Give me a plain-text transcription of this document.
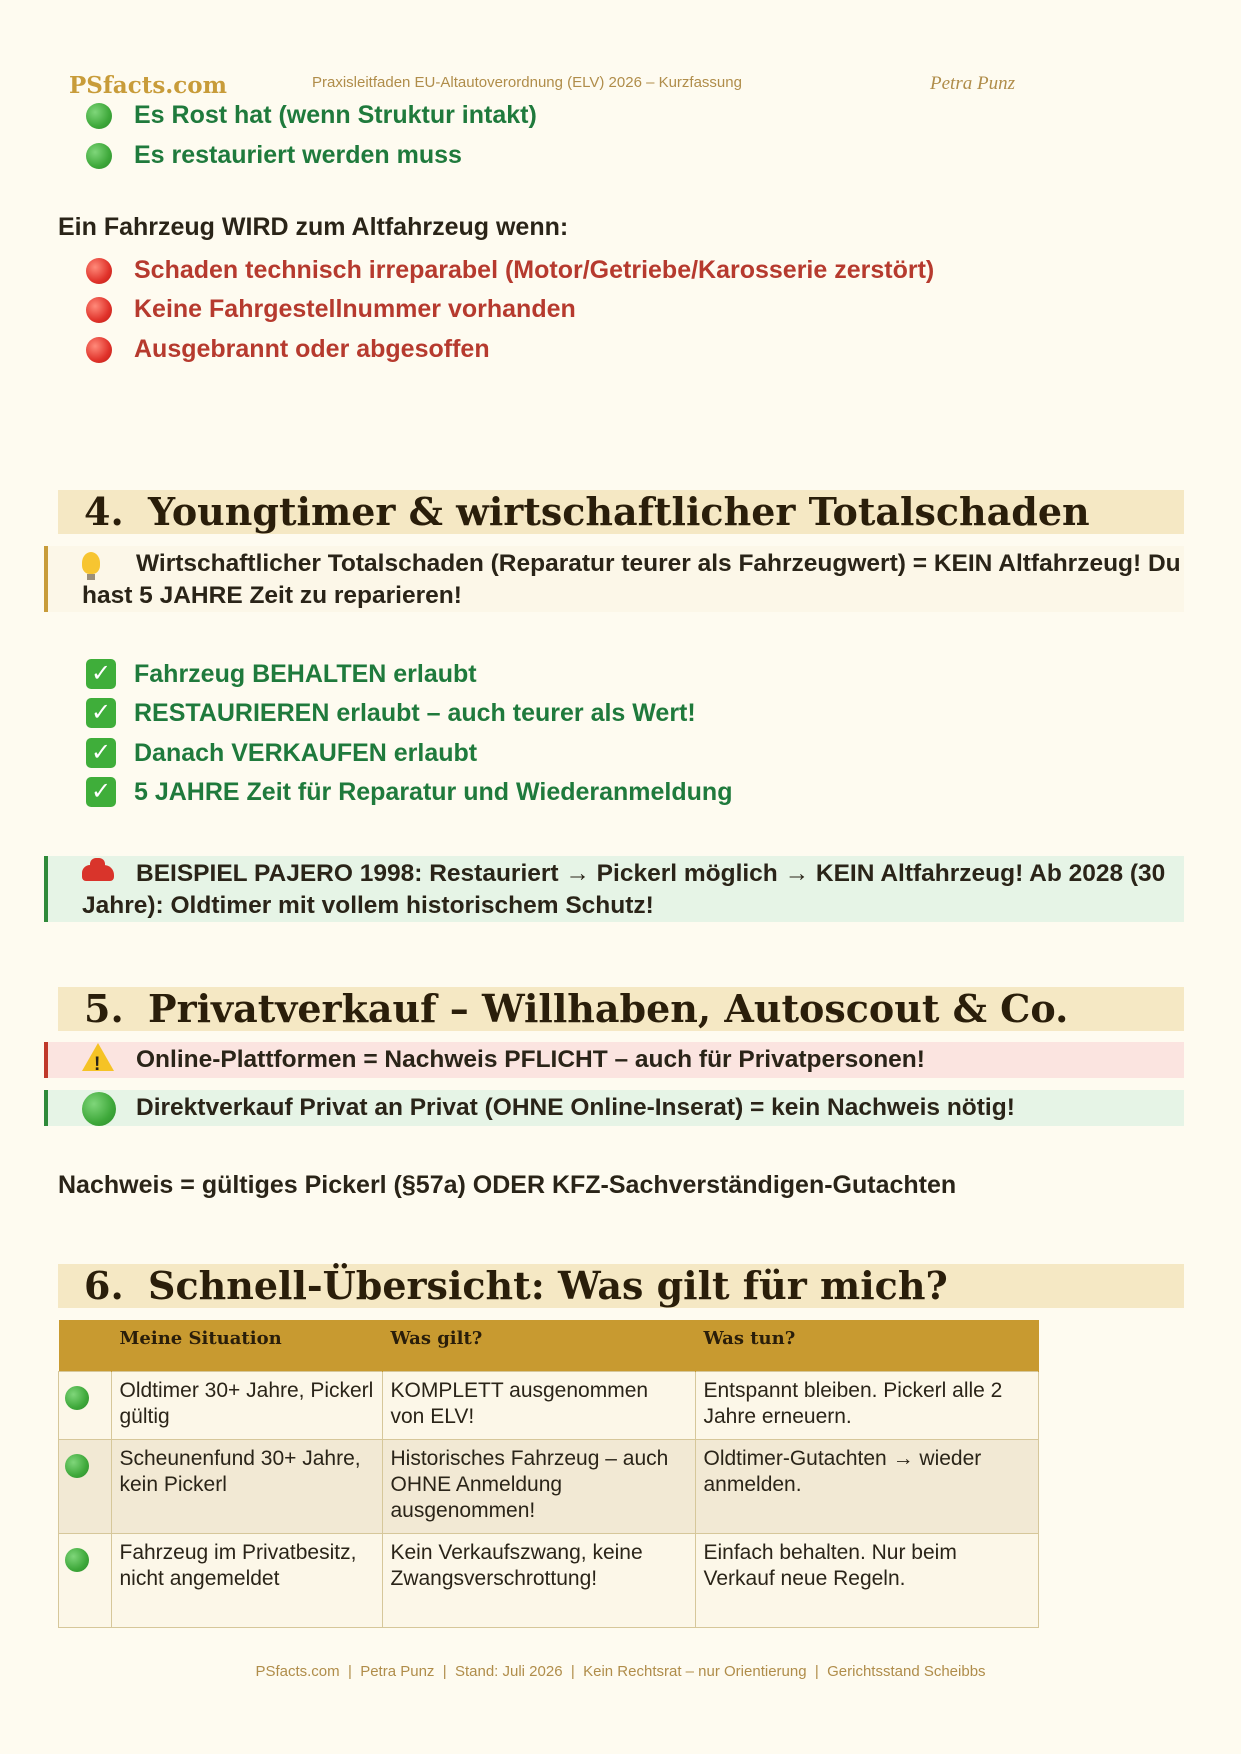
PSfacts.com	Praxisleitfaden EU-Altautoverordnung (ELV) 2026 – Kurzfassung	Petra Punz
Es Rost hat (wenn Struktur intakt)
Es restauriert werden muss
Ein Fahrzeug WIRD zum Altfahrzeug wenn:
Schaden technisch irreparabel (Motor/Getriebe/Karosserie zerstört)
Keine Fahrgestellnummer vorhanden
Ausgebrannt oder abgesoffen
4. Youngtimer & wirtschaftlicher Totalschaden
Wirtschaftlicher Totalschaden (Reparatur teurer als Fahrzeugwert) = KEIN Altfahrzeug! Du hast 5 JAHRE Zeit zu reparieren!
✓ Fahrzeug BEHALTEN erlaubt
✓ RESTAURIEREN erlaubt – auch teurer als Wert!
✓ Danach VERKAUFEN erlaubt
✓ 5 JAHRE Zeit für Reparatur und Wiederanmeldung
BEISPIEL PAJERO 1998: Restauriert → Pickerl möglich → KEIN Altfahrzeug! Ab 2028 (30 Jahre): Oldtimer mit vollem historischem Schutz!
5. Privatverkauf – Willhaben, Autoscout & Co.
!Online-Plattformen = Nachweis PFLICHT – auch für Privatpersonen!
Direktverkauf Privat an Privat (OHNE Online-Inserat) = kein Nachweis nötig!
Nachweis = gültiges Pickerl (§57a) ODER KFZ-Sachverständigen-Gutachten
6. Schnell-Übersicht: Was gilt für mich?
	Meine Situation	Was gilt?	Was tun?

	Oldtimer 30+ Jahre, Pickerl gültig	KOMPLETT ausgenommen von ELV!	Entspannt bleiben. Pickerl alle 2 Jahre erneuern.

	Scheunenfund 30+ Jahre, kein Pickerl	Historisches Fahrzeug – auch OHNE Anmeldung ausgenommen!	Oldtimer-Gutachten → wieder anmelden.

	Fahrzeug im Privatbesitz, nicht angemeldet	Kein Verkaufszwang, keine Zwangsverschrottung!	Einfach behalten. Nur beim Verkauf neue Regeln.
PSfacts.com  |  Petra Punz  |  Stand: Juli 2026  |  Kein Rechtsrat – nur Orientierung  |  Gerichtsstand Scheibbs
